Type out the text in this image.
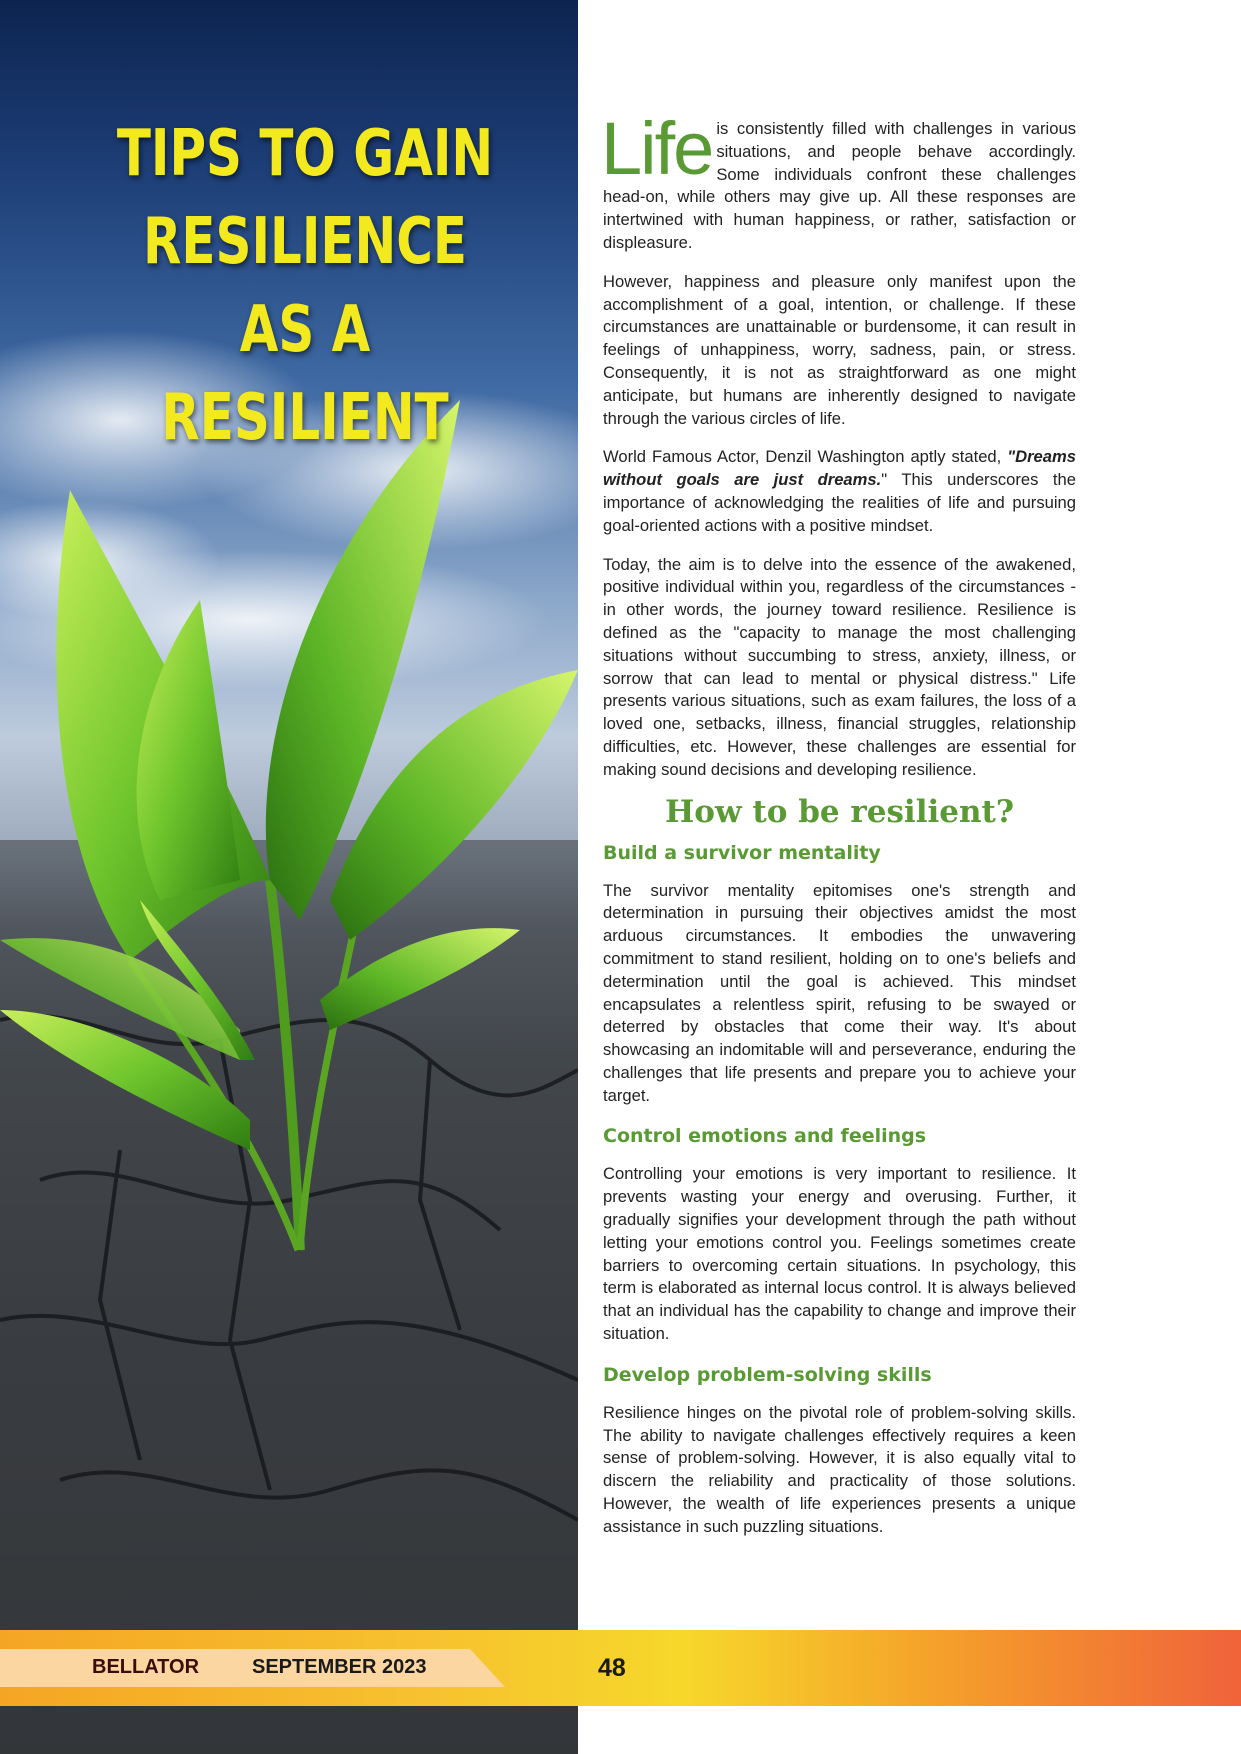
TIPS TO GAIN RESILIENCE AS A RESILIENT

Life is consistently filled with challenges in various situations, and people behave accordingly. Some individuals confront these challenges head-on, while others may give up. All these responses are intertwined with human happiness, or rather, satisfaction or displeasure.

However, happiness and pleasure only manifest upon the accomplishment of a goal, intention, or challenge. If these circumstances are unattainable or burdensome, it can result in feelings of unhappiness, worry, sadness, pain, or stress. Consequently, it is not as straightforward as one might anticipate, but humans are inherently designed to navigate through the various circles of life.

World Famous Actor, Denzil Washington aptly stated, "Dreams without goals are just dreams." This underscores the importance of acknowledging the realities of life and pursuing goal-oriented actions with a positive mindset.

Today, the aim is to delve into the essence of the awakened, positive individual within you, regardless of the circumstances - in other words, the journey toward resilience. Resilience is defined as the "capacity to manage the most challenging situations without succumbing to stress, anxiety, illness, or sorrow that can lead to mental or physical distress." Life presents various situations, such as exam failures, the loss of a loved one, setbacks, illness, financial struggles, relationship difficulties, etc. However, these challenges are essential for making sound decisions and developing resilience.

How to be resilient?
Build a survivor mentality

The survivor mentality epitomises one's strength and determination in pursuing their objectives amidst the most arduous circumstances. It embodies the unwavering commitment to stand resilient, holding on to one's beliefs and determination until the goal is achieved. This mindset encapsulates a relentless spirit, refusing to be swayed or deterred by obstacles that come their way. It's about showcasing an indomitable will and perseverance, enduring the challenges that life presents and prepare you to achieve your target.

Control emotions and feelings

Controlling your emotions is very important to resilience. It prevents wasting your energy and overusing. Further, it gradually signifies your development through the path without letting your emotions control you. Feelings sometimes create barriers to overcoming certain situations. In psychology, this term is elaborated as internal locus control. It is always believed that an individual has the capability to change and improve their situation.

Develop problem-solving skills

Resilience hinges on the pivotal role of problem-solving skills. The ability to navigate challenges effectively requires a keen sense of problem-solving. However, it is also equally vital to discern the reliability and practicality of those solutions. However, the wealth of life experiences presents a unique assistance in such puzzling situations.

BELLATOR	SEPTEMBER 2023	48
